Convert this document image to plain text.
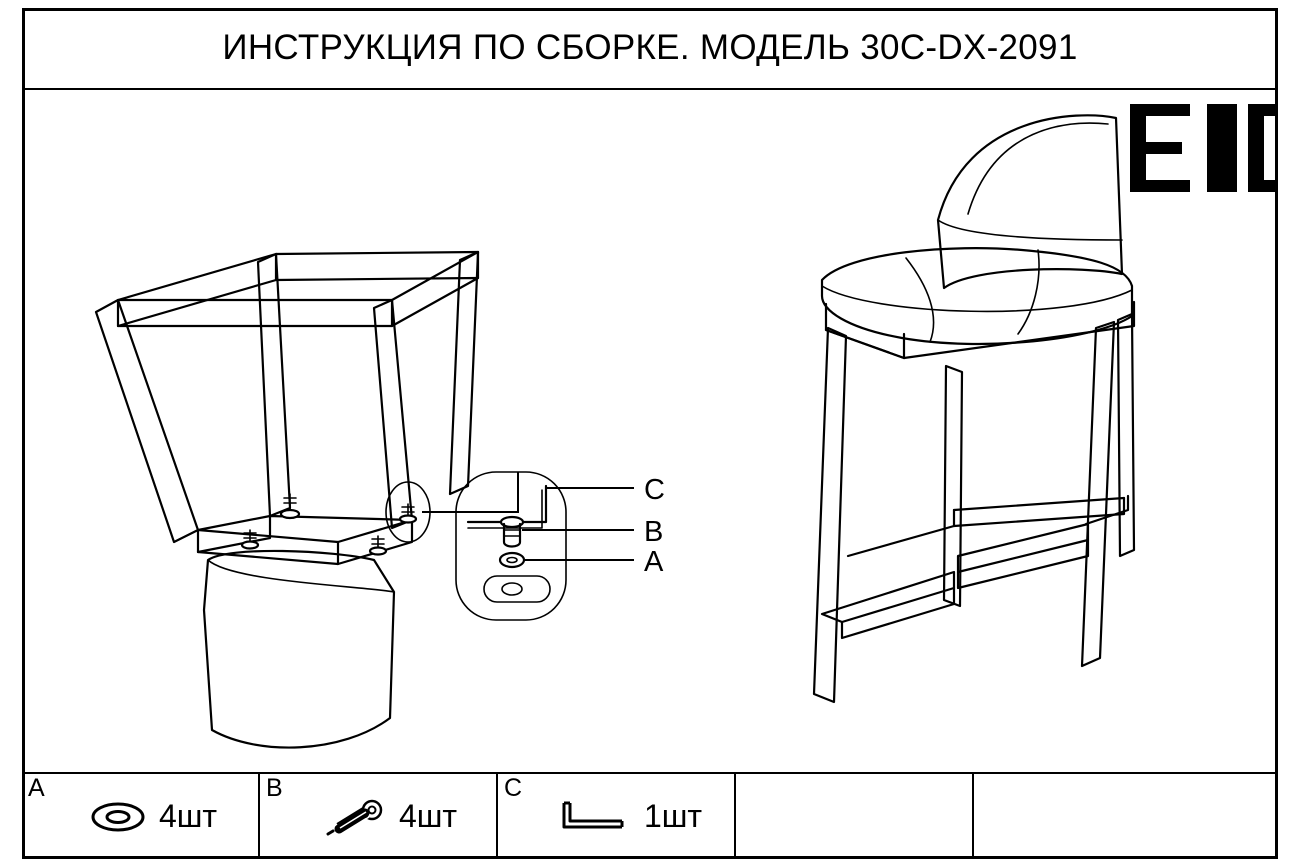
ИНСТРУКЦИЯ ПО СБОРКЕ. МОДЕЛЬ 30C-DX-2091
C
B
A
A
4шт
B
4шт
C
1шт
